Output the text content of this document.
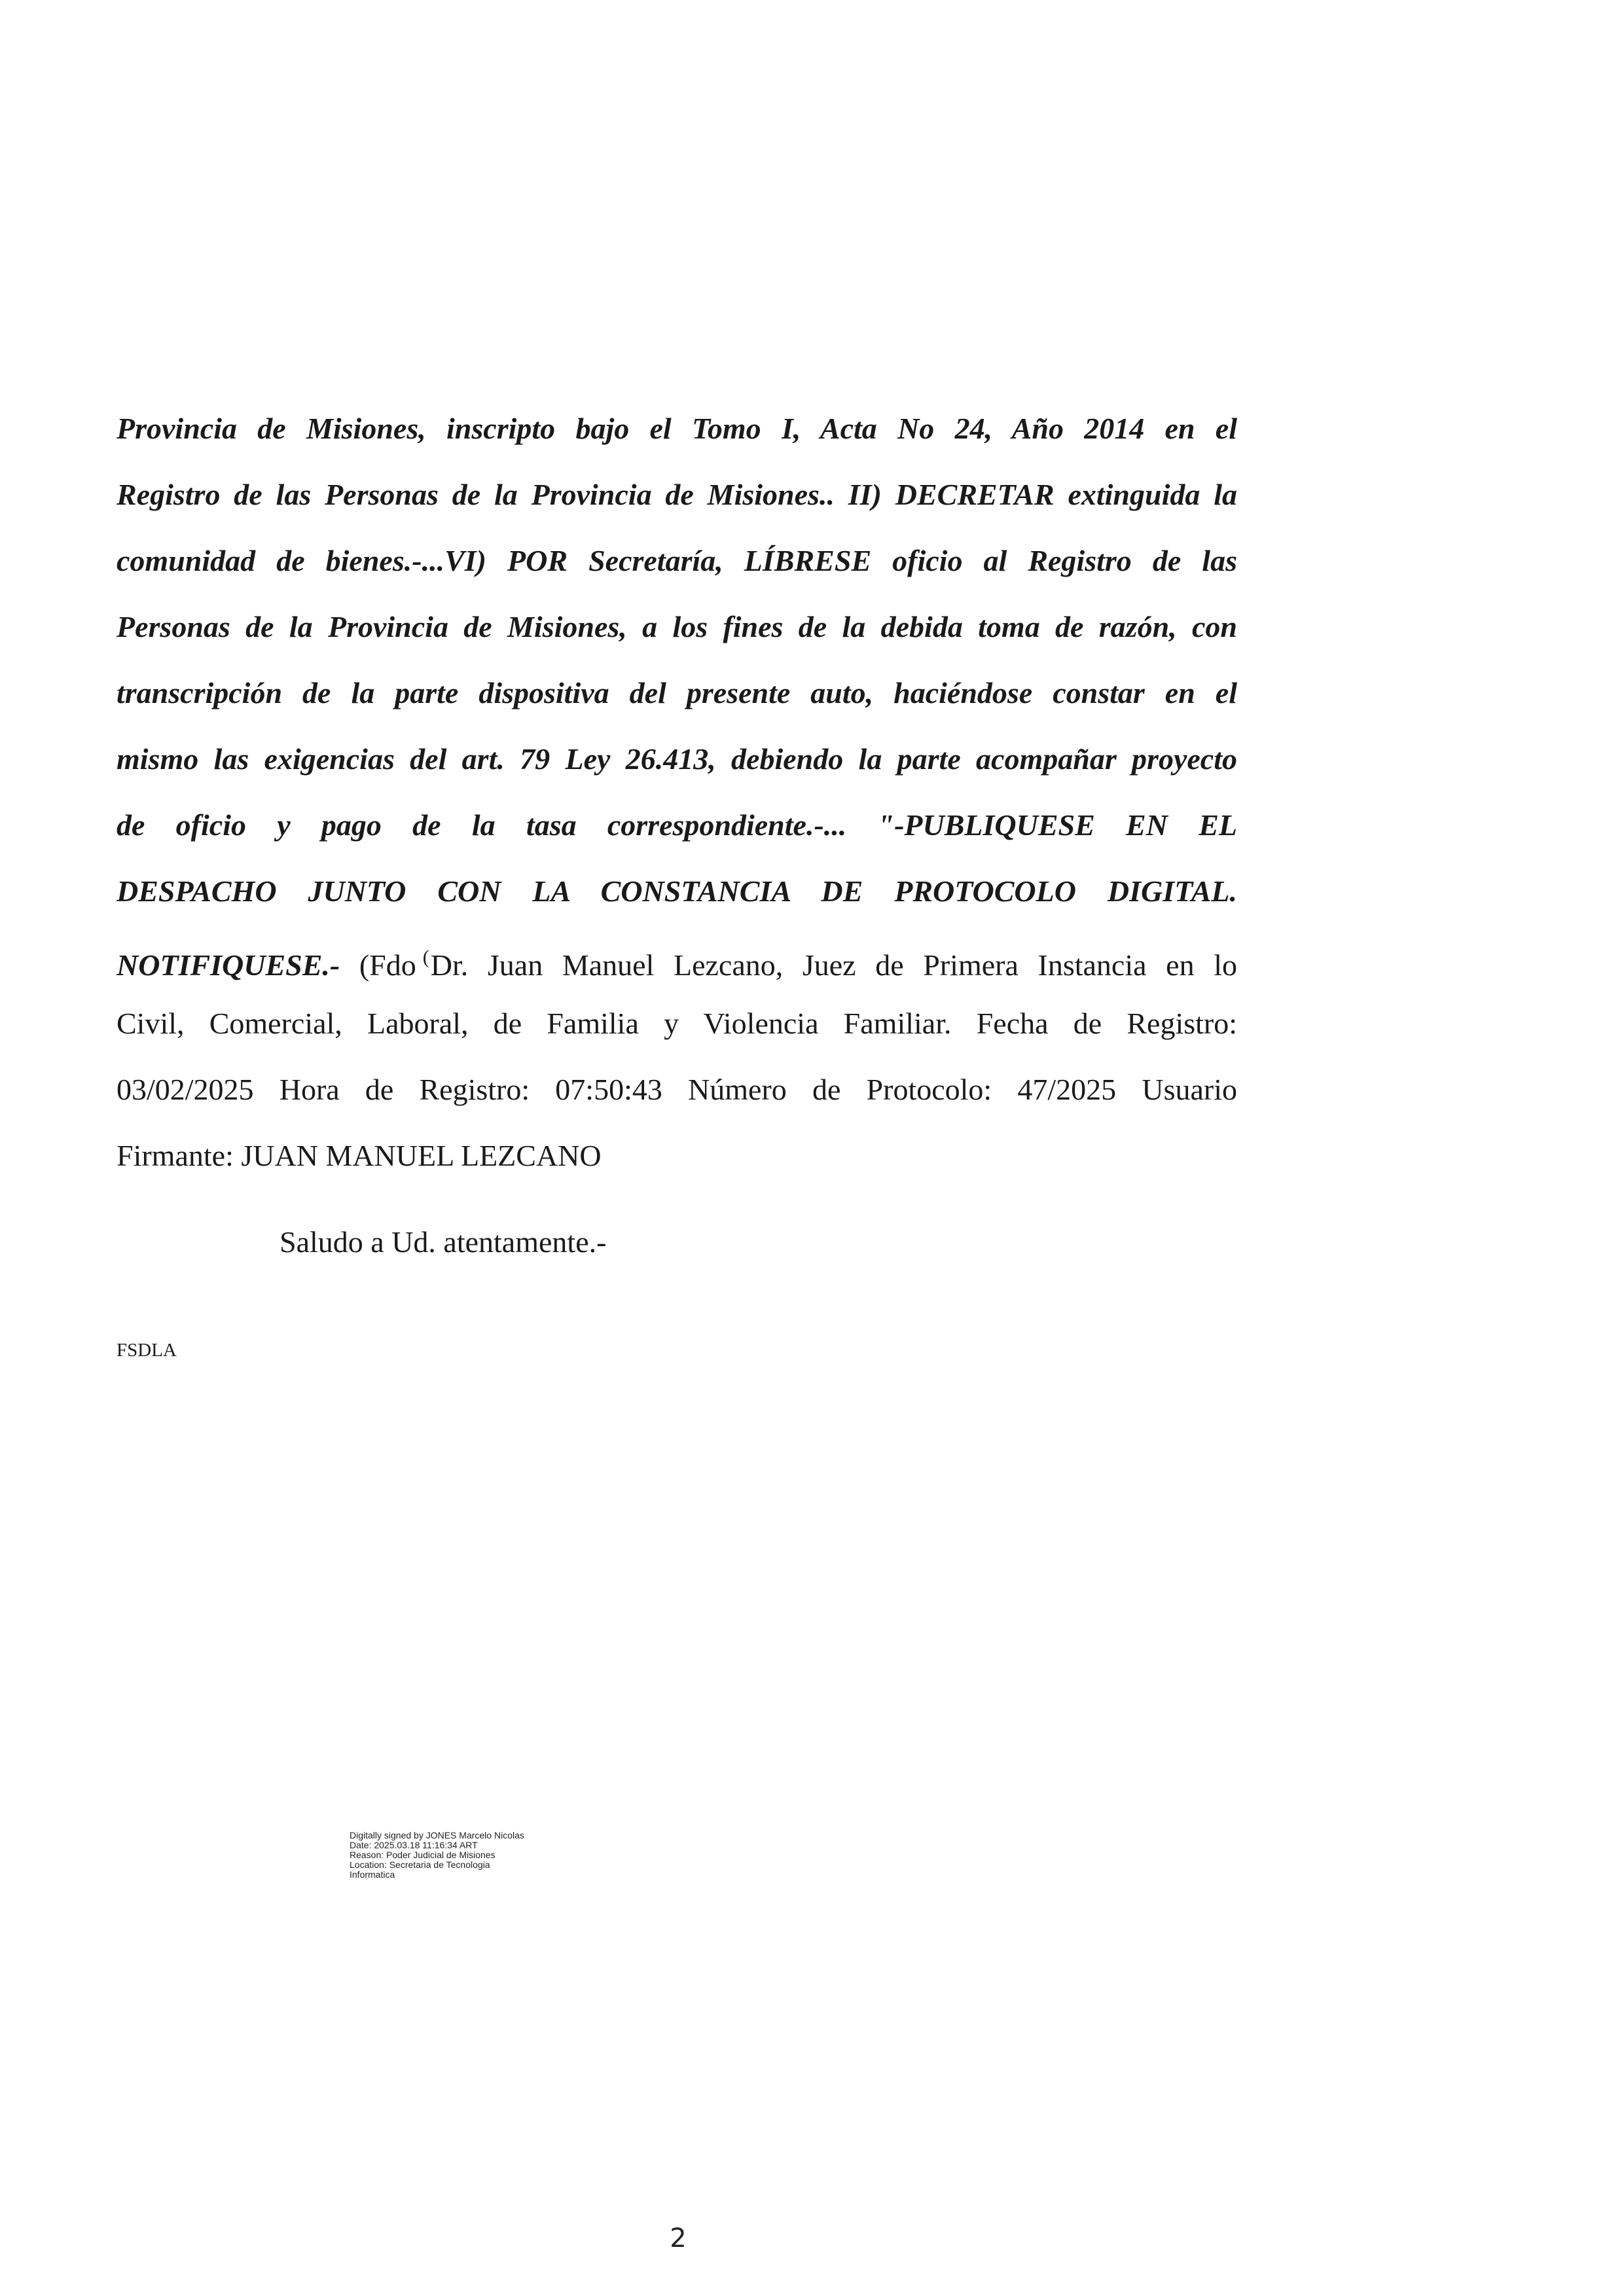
Provincia de Misiones, inscripto bajo el Tomo I, Acta No 24, Año 2014 en el
Registro de las Personas de la Provincia de Misiones.. II) DECRETAR extinguida la
comunidad de bienes.-...VI) POR Secretaría, LÍBRESE oficio al Registro de las
Personas de la Provincia de Misiones, a los fines de la debida toma de razón, con
transcripción de la parte dispositiva del presente auto, haciéndose constar en el
mismo las exigencias del art. 79 Ley 26.413, debiendo la parte acompañar proyecto
de oficio y pago de la tasa correspondiente.-... "-PUBLIQUESE EN EL
DESPACHO JUNTO CON LA CONSTANCIA DE PROTOCOLO DIGITAL.
NOTIFIQUESE.- (Fdo (Dr. Juan Manuel Lezcano, Juez de Primera Instancia en lo
Civil, Comercial, Laboral, de Familia y Violencia Familiar. Fecha de Registro:
03/02/2025 Hora de Registro: 07:50:43 Número de Protocolo: 47/2025 Usuario
Firmante: JUAN MANUEL LEZCANO
Saludo a Ud. atentamente.-
FSDLA
Digitally signed by JONES Marcelo Nicolas
Date: 2025.03.18 11:16:34 ART
Reason: Poder Judicial de Misiones
Location: Secretaria de Tecnologia
Informatica
2
